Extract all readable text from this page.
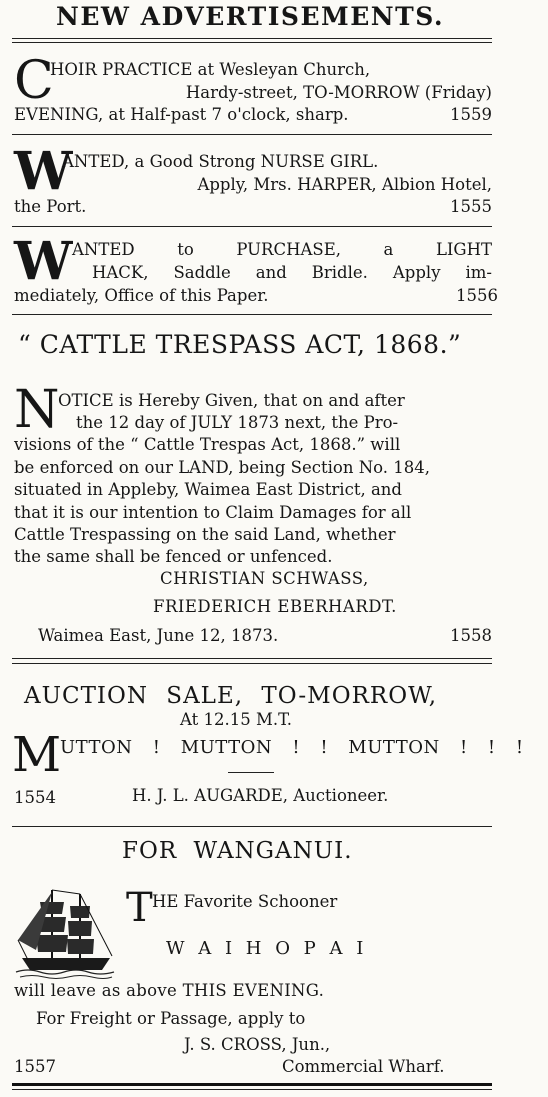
NEW ADVERTISEMENTS.
C
HOIR PRACTICE at Wesleyan Church,
Hardy-street, TO-MORROW (Friday)
EVENING, at Half-past 7 o'clock, sharp.	1559
W
ANTED, a Good Strong NURSE GIRL.
Apply, Mrs. HARPER, Albion Hotel,
the Port.	1555
W ANTED to PURCHASE, a LIGHT
HACK, Saddle and Bridle. Apply im-
mediately, Office of this Paper.	1556
“ CATTLE TRESPASS ACT, 1868.”
N
OTICE is Hereby Given, that on and after
the 12 day of JULY 1873 next, the Pro-
visions of the “ Cattle Trespas Act, 1868.” will
be enforced on our LAND, being Section No. 184,
situated in Appleby, Waimea East District, and
that it is our intention to Claim Damages for all
Cattle Trespassing on the said Land, whether
the same shall be fenced or unfenced.
CHRISTIAN SCHWASS,
FRIEDERICH EBERHARDT.
Waimea East, June 12, 1873.	1558
AUCTION SALE, TO-MORROW,
At 12.15 M.T.
M
UTTON ! MUTTON ! ! MUTTON ! ! !
1554	H. J. L. AUGARDE, Auctioneer.
FOR WANGANUI.
T HE Favorite Schooner
W A I H O P A I
will leave as above THIS EVENING.
For Freight or Passage, apply to
J. S. CROSS, Jun.,
1557	Commercial Wharf.
